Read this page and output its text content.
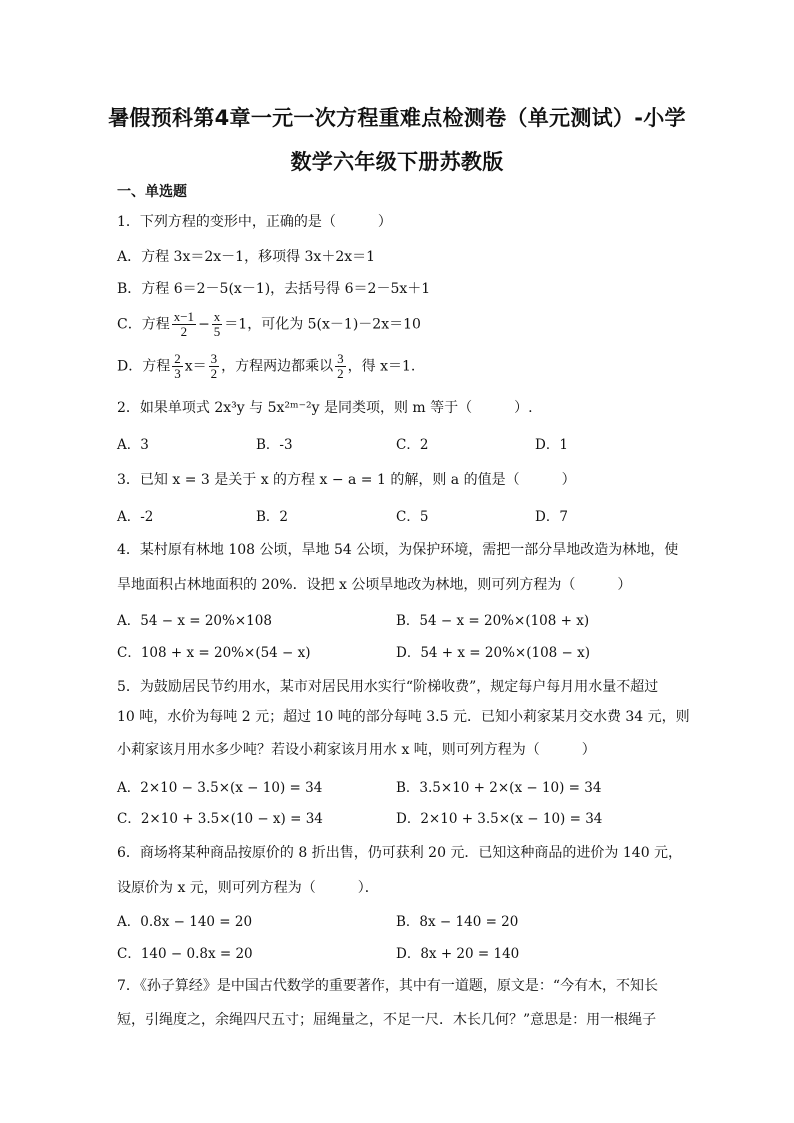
暑假预科第4章一元一次方程重难点检测卷（单元测试）-小学
数学六年级下册苏教版
一、单选题
1．下列方程的变形中，正确的是（　　　）
A．方程 3x＝2x－1，移项得 3x＋2x＝1
B．方程 6＝2－5(x－1)，去括号得 6＝2－5x＋1
C．方程 $\frac{x-1}{2} - \frac{x}{5} =1$，可化为 5(x－1)－2x＝10
D．方程 $\frac{2}{3} x= \frac{3}{2}$ ，方程两边都乘以 $\frac{3}{2}$ ，得 x＝1.
2．如果单项式 2x³y 与 5x²ᵐ⁻²y 是同类项，则 m 等于（　　　）.
A．3	B．-3	C．2	D．1
3．已知 x = 3 是关于 x 的方程 x − a = 1 的解，则 a 的值是（　　　）
A．-2	B．2	C．5	D．7
4．某村原有林地 108 公顷，旱地 54 公顷，为保护环境，需把一部分旱地改造为林地，使
旱地面积占林地面积的 20%．设把 x 公顷旱地改为林地，则可列方程为（　　　）
A．54 − x = 20%×108	B．54 − x = 20%×(108 + x)
C．108 + x = 20%×(54 − x)	D．54 + x = 20%×(108 − x)
5．为鼓励居民节约用水，某市对居民用水实行“阶梯收费”，规定每户每月用水量不超过
10 吨，水价为每吨 2 元；超过 10 吨的部分每吨 3.5 元．已知小莉家某月交水费 34 元，则
小莉家该月用水多少吨？若设小莉家该月用水 x 吨，则可列方程为（　　　）
A．2×10 − 3.5×(x − 10) = 34	B．3.5×10 + 2×(x − 10) = 34
C．2×10 + 3.5×(10 − x) = 34	D．2×10 + 3.5×(x − 10) = 34
6．商场将某种商品按原价的 8 折出售，仍可获利 20 元．已知这种商品的进价为 140 元，
设原价为 x 元，则可列方程为（　　　）．
A．0.8x − 140 = 20	B．8x − 140 = 20
C．140 − 0.8x = 20	D．8x + 20 = 140
7．《孙子算经》是中国古代数学的重要著作，其中有一道题，原文是：“今有木，不知长
短，引绳度之，余绳四尺五寸；屈绳量之，不足一尺．木长几何？”意思是：用一根绳子
